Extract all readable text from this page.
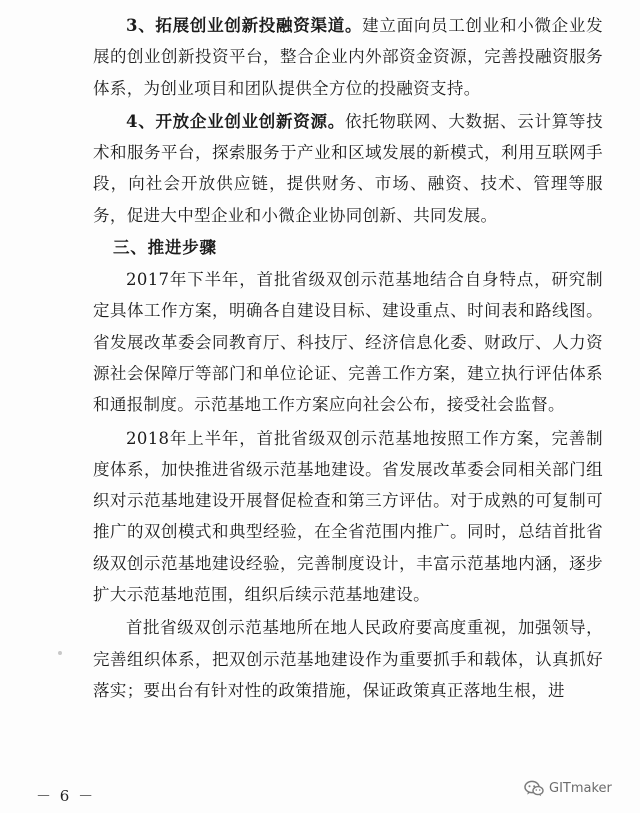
3、拓展创业创新投融资渠道。建立面向员工创业和小微企业发展的创业创新投资平台，整合企业内外部资金资源，完善投融资服务体系，为创业项目和团队提供全方位的投融资支持。

4、开放企业创业创新资源。依托物联网、大数据、云计算等技术和服务平台，探索服务于产业和区域发展的新模式，利用互联网手段，向社会开放供应链，提供财务、市场、融资、技术、管理等服务，促进大中型企业和小微企业协同创新、共同发展。

三、推进步骤

2017年下半年，首批省级双创示范基地结合自身特点，研究制定具体工作方案，明确各自建设目标、建设重点、时间表和路线图。省发展改革委会同教育厅、科技厅、经济信息化委、财政厅、人力资源社会保障厅等部门和单位论证、完善工作方案，建立执行评估体系和通报制度。示范基地工作方案应向社会公布，接受社会监督。

2018年上半年，首批省级双创示范基地按照工作方案，完善制度体系，加快推进省级示范基地建设。省发展改革委会同相关部门组织对示范基地建设开展督促检查和第三方评估。对于成熟的可复制可推广的双创模式和典型经验，在全省范围内推广。同时，总结首批省级双创示范基地建设经验，完善制度设计，丰富示范基地内涵，逐步扩大示范基地范围，组织后续示范基地建设。

首批省级双创示范基地所在地人民政府要高度重视，加强领导，完善组织体系，把双创示范基地建设作为重要抓手和载体，认真抓好落实；要出台有针对性的政策措施，保证政策真正落地生根，进

－ 6 －	GITmaker
